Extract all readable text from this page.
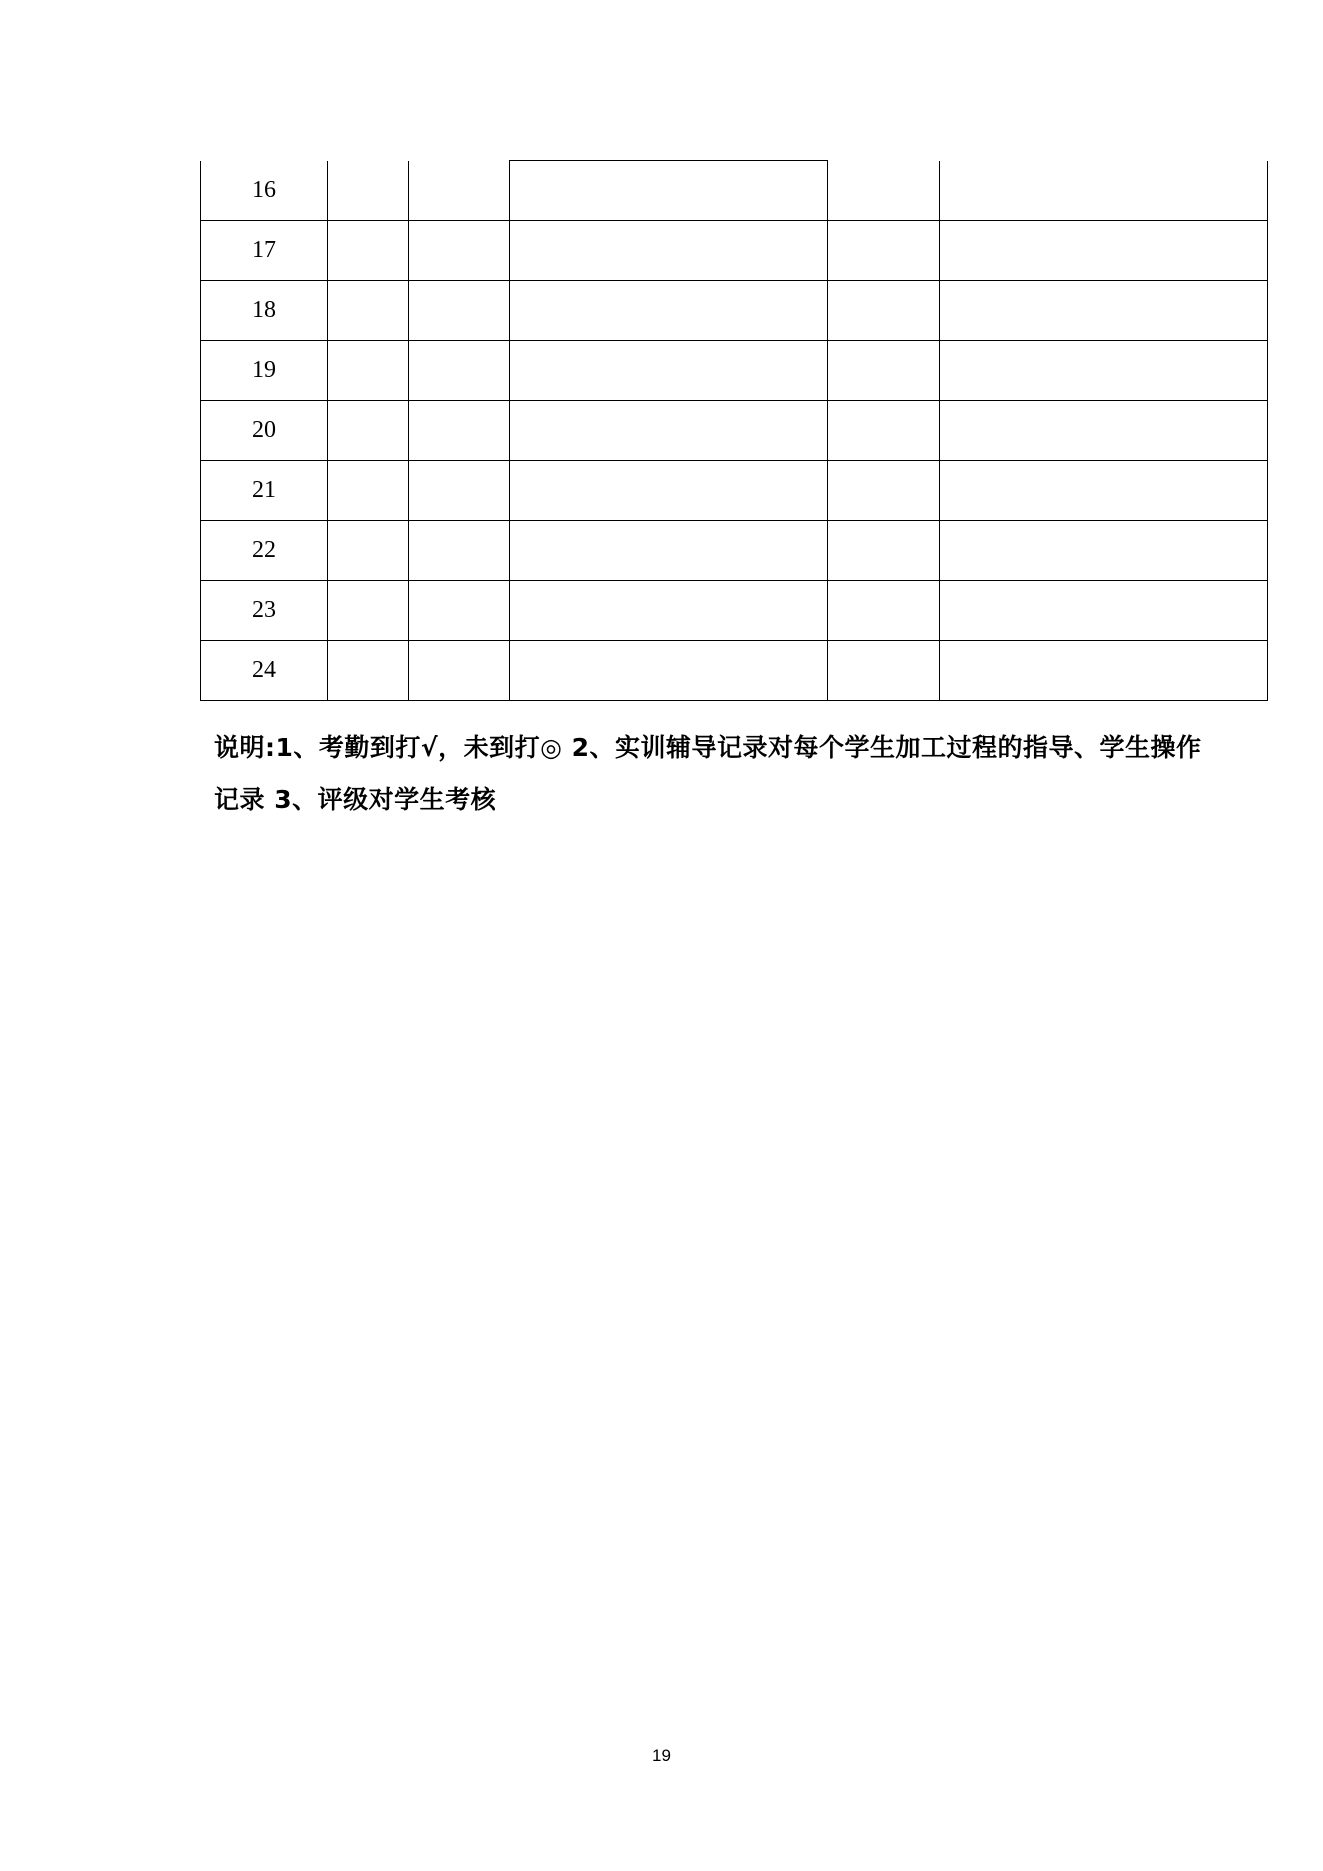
16					
17					
18					
19					
20					
21					
22					
23					
24					
说明:1、考勤到打√，未到打◎ 2、实训辅导记录对每个学生加工过程的指导、学生操作
记录 3、评级对学生考核
19
